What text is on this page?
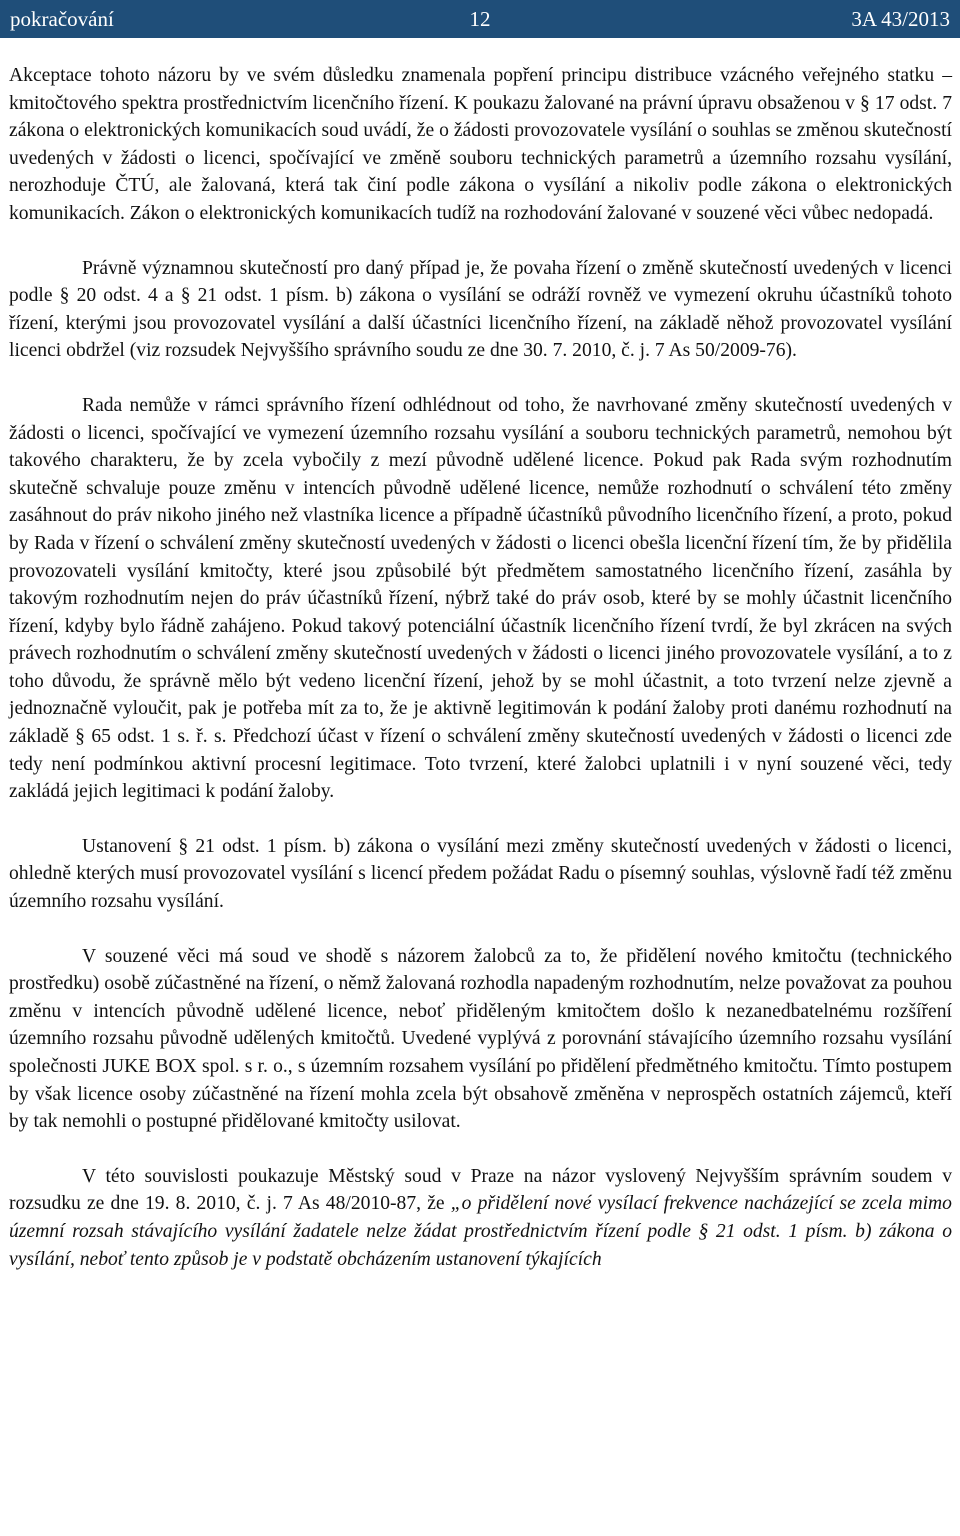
pokračování	12	3A 43/2013

Akceptace tohoto názoru by ve svém důsledku znamenala popření principu distribuce vzácného veřejného statku – kmitočtového spektra prostřednictvím licenčního řízení. K poukazu žalované na právní úpravu obsaženou v § 17 odst. 7 zákona o elektronických komunikacích soud uvádí, že o žádosti provozovatele vysílání o souhlas se změnou skutečností uvedených v žádosti o licenci, spočívající ve změně souboru technických parametrů a územního rozsahu vysílání, nerozhoduje ČTÚ, ale žalovaná, která tak činí podle zákona o vysílání a nikoliv podle zákona o elektronických komunikacích. Zákon o elektronických komunikacích tudíž na rozhodování žalované v souzené věci vůbec nedopadá.

Právně významnou skutečností pro daný případ je, že povaha řízení o změně skutečností uvedených v licenci podle § 20 odst. 4 a § 21 odst. 1 písm. b) zákona o vysílání se odráží rovněž ve vymezení okruhu účastníků tohoto řízení, kterými jsou provozovatel vysílání a další účastníci licenčního řízení, na základě něhož provozovatel vysílání licenci obdržel (viz rozsudek Nejvyššího správního soudu ze dne 30. 7. 2010, č. j. 7 As 50/2009-76).

Rada nemůže v rámci správního řízení odhlédnout od toho, že navrhované změny skutečností uvedených v žádosti o licenci, spočívající ve vymezení územního rozsahu vysílání a souboru technických parametrů, nemohou být takového charakteru, že by zcela vybočily z mezí původně udělené licence. Pokud pak Rada svým rozhodnutím skutečně schvaluje pouze změnu v intencích původně udělené licence, nemůže rozhodnutí o schválení této změny zasáhnout do práv nikoho jiného než vlastníka licence a případně účastníků původního licenčního řízení, a proto, pokud by Rada v řízení o schválení změny skutečností uvedených v žádosti o licenci obešla licenční řízení tím, že by přidělila provozovateli vysílání kmitočty, které jsou způsobilé být předmětem samostatného licenčního řízení, zasáhla by takovým rozhodnutím nejen do práv účastníků řízení, nýbrž také do práv osob, které by se mohly účastnit licenčního řízení, kdyby bylo řádně zahájeno. Pokud takový potenciální účastník licenčního řízení tvrdí, že byl zkrácen na svých právech rozhodnutím o schválení změny skutečností uvedených v žádosti o licenci jiného provozovatele vysílání, a to z toho důvodu, že správně mělo být vedeno licenční řízení, jehož by se mohl účastnit, a toto tvrzení nelze zjevně a jednoznačně vyloučit, pak je potřeba mít za to, že je aktivně legitimován k podání žaloby proti danému rozhodnutí na základě § 65 odst. 1 s. ř. s. Předchozí účast v řízení o schválení změny skutečností uvedených v žádosti o licenci zde tedy není podmínkou aktivní procesní legitimace. Toto tvrzení, které žalobci uplatnili i v nyní souzené věci, tedy zakládá jejich legitimaci k podání žaloby.

Ustanovení § 21 odst. 1 písm. b) zákona o vysílání mezi změny skutečností uvedených v žádosti o licenci, ohledně kterých musí provozovatel vysílání s licencí předem požádat Radu o písemný souhlas, výslovně řadí též změnu územního rozsahu vysílání.

V souzené věci má soud ve shodě s názorem žalobců za to, že přidělení nového kmitočtu (technického prostředku) osobě zúčastněné na řízení, o němž žalovaná rozhodla napadeným rozhodnutím, nelze považovat za pouhou změnu v intencích původně udělené licence, neboť přiděleným kmitočtem došlo k nezanedbatelnému rozšíření územního rozsahu původně udělených kmitočtů. Uvedené vyplývá z porovnání stávajícího územního rozsahu vysílání společnosti JUKE BOX spol. s r. o., s územním rozsahem vysílání po přidělení předmětného kmitočtu. Tímto postupem by však licence osoby zúčastněné na řízení mohla zcela být obsahově změněna v neprospěch ostatních zájemců, kteří by tak nemohli o postupné přidělované kmitočty usilovat.

V této souvislosti poukazuje Městský soud v Praze na názor vyslovený Nejvyšším správním soudem v rozsudku ze dne 19. 8. 2010, č. j. 7 As 48/2010-87, že „o přidělení nové vysílací frekvence nacházející se zcela mimo územní rozsah stávajícího vysílání žadatele nelze žádat prostřednictvím řízení podle § 21 odst. 1 písm. b) zákona o vysílání, neboť tento způsob je v podstatě obcházením ustanovení týkajících
